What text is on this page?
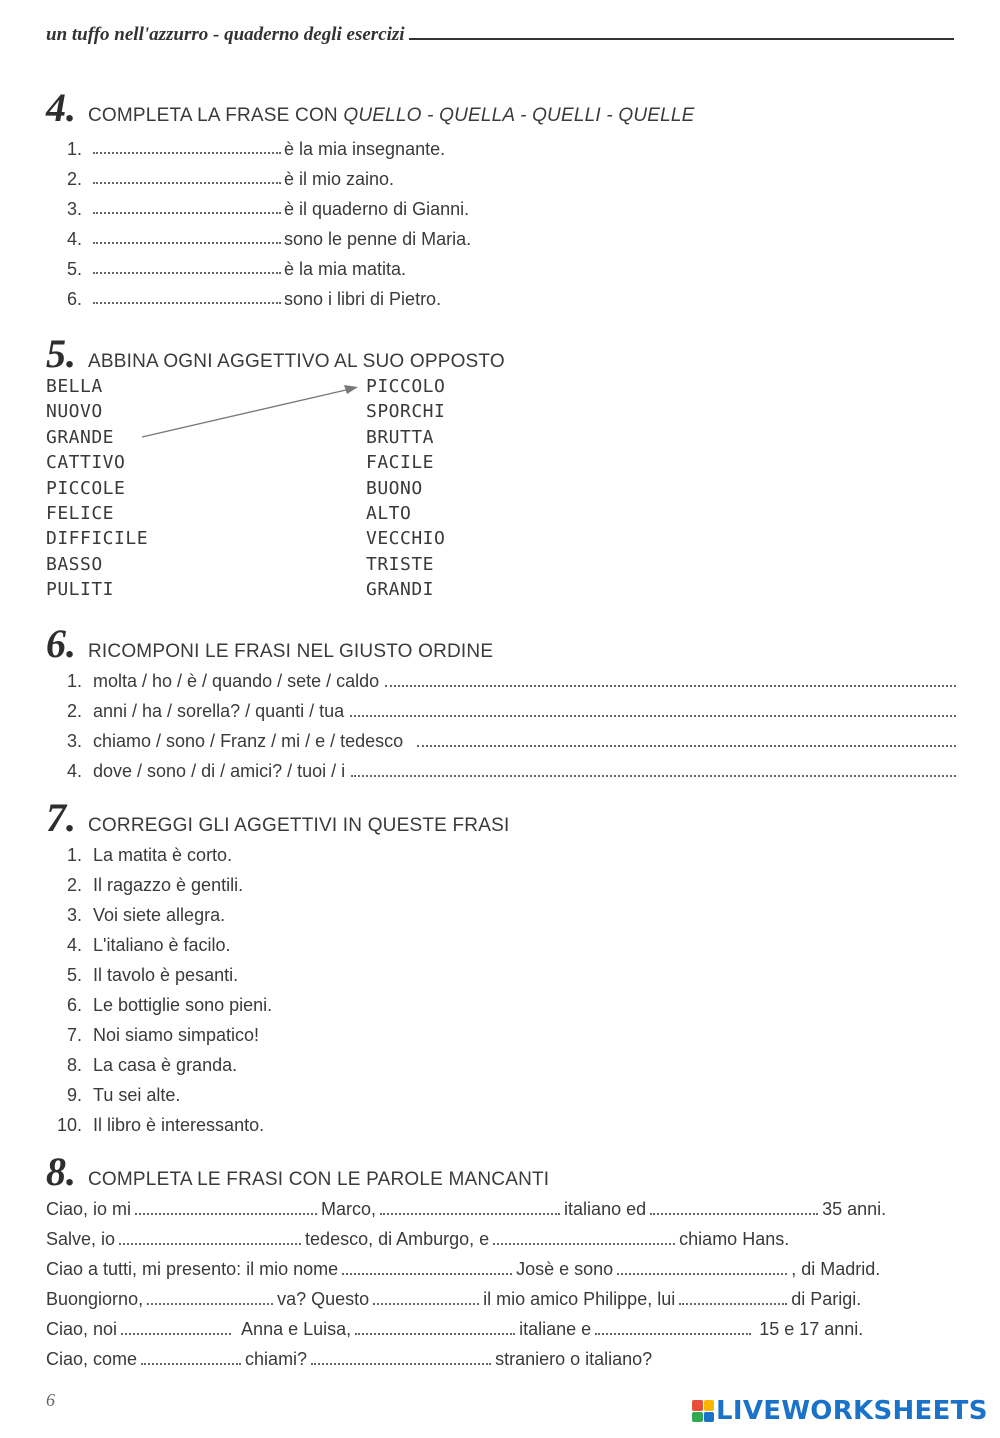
un tuffo nell'azzurro - quaderno degli esercizi
4. COMPLETA LA FRASE CON QUELLO - QUELLA - QUELLI - QUELLE
1.	è la mia insegnante.
2.	è il mio zaino.
3.	è il quaderno di Gianni.
4.	sono le penne di Maria.
5.	è la mia matita.
6.	sono i libri di Pietro.
5. ABBINA OGNI AGGETTIVO AL SUO OPPOSTO
BELLA
NUOVO
GRANDE
CATTIVO
PICCOLE
FELICE
DIFFICILE
BASSO
PULITI
PICCOLO
SPORCHI
BRUTTA
FACILE
BUONO
ALTO
VECCHIO
TRISTE
GRANDI
6. RICOMPONI LE FRASI NEL GIUSTO ORDINE
1. molta / ho / è / quando / sete / caldo
2. anni / ha / sorella? / quanti / tua
3. chiamo / sono / Franz / mi / e / tedesco
4. dove / sono / di / amici? / tuoi / i
7. CORREGGI GLI AGGETTIVI IN QUESTE FRASI
1. La matita è corto.
2. Il ragazzo è gentili.
3. Voi siete allegra.
4. L'italiano è facilo.
5. Il tavolo è pesanti.
6. Le bottiglie sono pieni.
7. Noi siamo simpatico!
8. La casa è granda.
9. Tu sei alte.
10. Il libro è interessanto.
8. COMPLETA LE FRASI CON LE PAROLE MANCANTI
Ciao, io mi	Marco,	italiano ed	35 anni.
Salve, io	tedesco, di Amburgo, e	chiamo Hans.
Ciao a tutti, mi presento: il mio nome	Josè e sono	, di Madrid.
Buongiorno,	va? Questo	il mio amico Philippe, lui	di Parigi.
Ciao, noi	Anna e Luisa,	italiane e	15 e 17 anni.
Ciao, come	chiami?	straniero o italiano?
6	LIVEWORKSHEETS
